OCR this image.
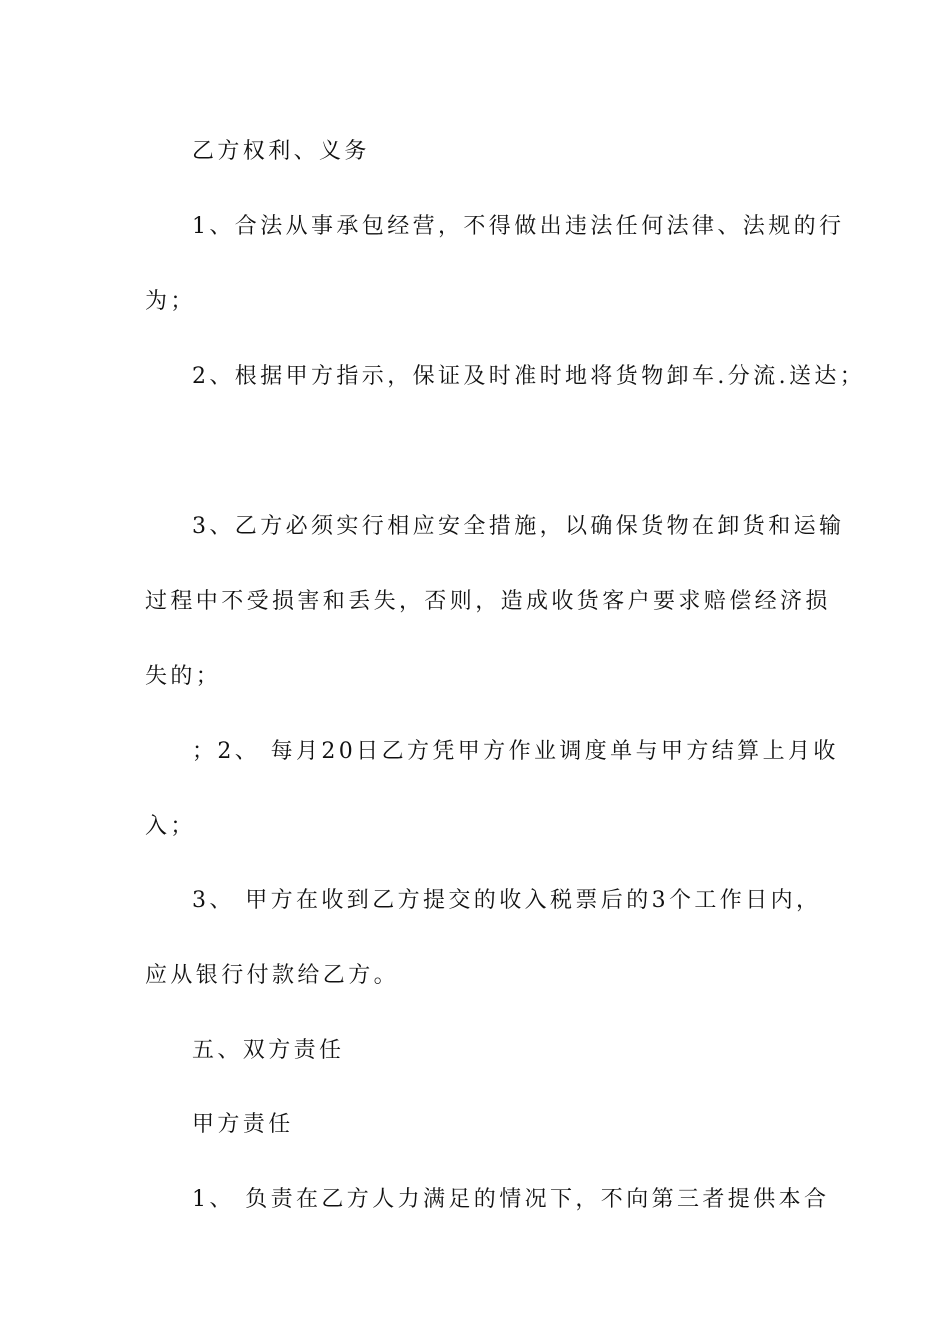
乙方权利、义务
1、合法从事承包经营，不得做出违法任何法律、法规的行
为；
2、根据甲方指示，保证及时准时地将货物卸车.分流.送达；
3、乙方必须实行相应安全措施，以确保货物在卸货和运输
过程中不受损害和丢失，否则，造成收货客户要求赔偿经济损
失的；
；2、 每月20日乙方凭甲方作业调度单与甲方结算上月收
入；
3、 甲方在收到乙方提交的收入税票后的3个工作日内，
应从银行付款给乙方。
五、双方责任
甲方责任
1、 负责在乙方人力满足的情况下，不向第三者提供本合
